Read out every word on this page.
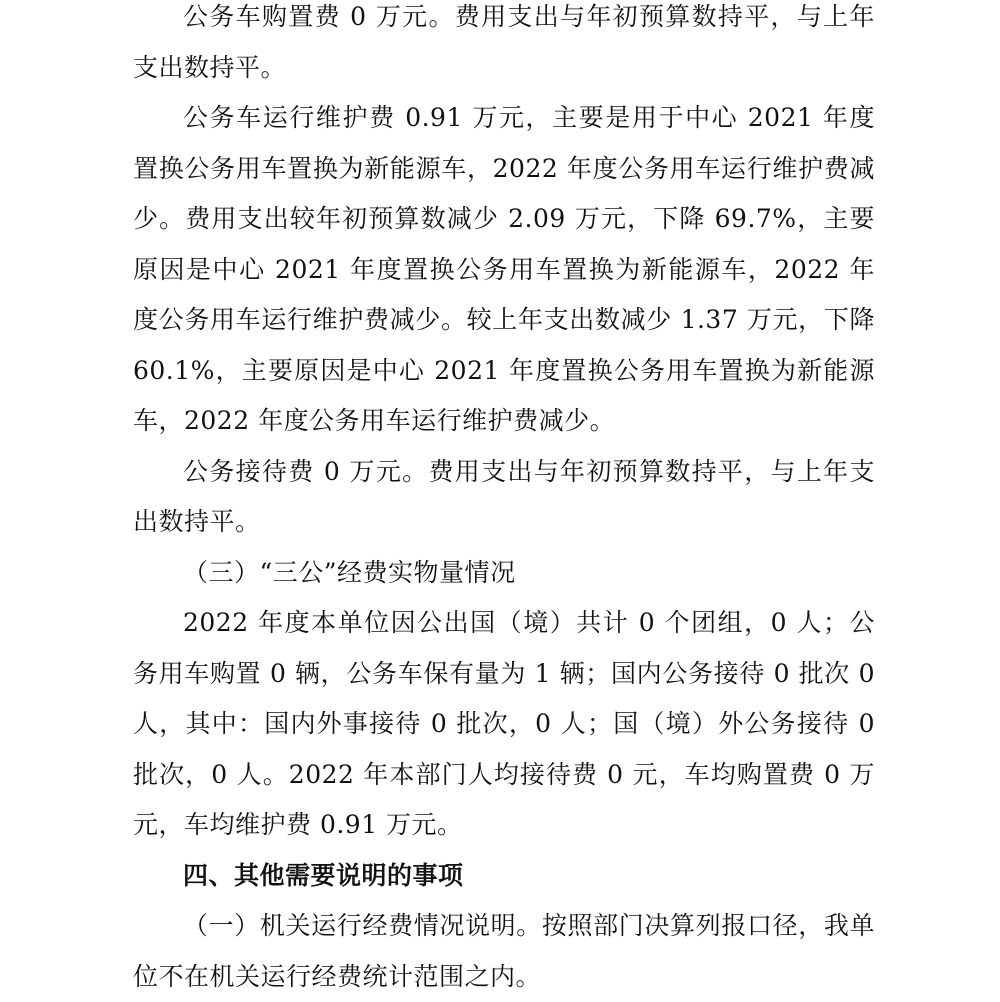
公务车购置费 0 万元。费用支出与年初预算数持平，与上年支出数持平。

公务车运行维护费 0.91 万元，主要是用于中心 2021 年度置换公务用车置换为新能源车，2022 年度公务用车运行维护费减少。费用支出较年初预算数减少 2.09 万元，下降 69.7%，主要原因是中心 2021 年度置换公务用车置换为新能源车，2022 年度公务用车运行维护费减少。较上年支出数减少 1.37 万元，下降 60.1%，主要原因是中心 2021 年度置换公务用车置换为新能源车，2022 年度公务用车运行维护费减少。

公务接待费 0 万元。费用支出与年初预算数持平，与上年支出数持平。

（三）“三公”经费实物量情况

2022 年度本单位因公出国（境）共计 0 个团组，0 人；公务用车购置 0 辆，公务车保有量为 1 辆；国内公务接待 0 批次 0 人，其中：国内外事接待 0 批次，0 人；国（境）外公务接待 0 批次，0 人。2022 年本部门人均接待费 0 元，车均购置费 0 万元，车均维护费 0.91 万元。

四、其他需要说明的事项

（一）机关运行经费情况说明。按照部门决算列报口径，我单位不在机关运行经费统计范围之内。
